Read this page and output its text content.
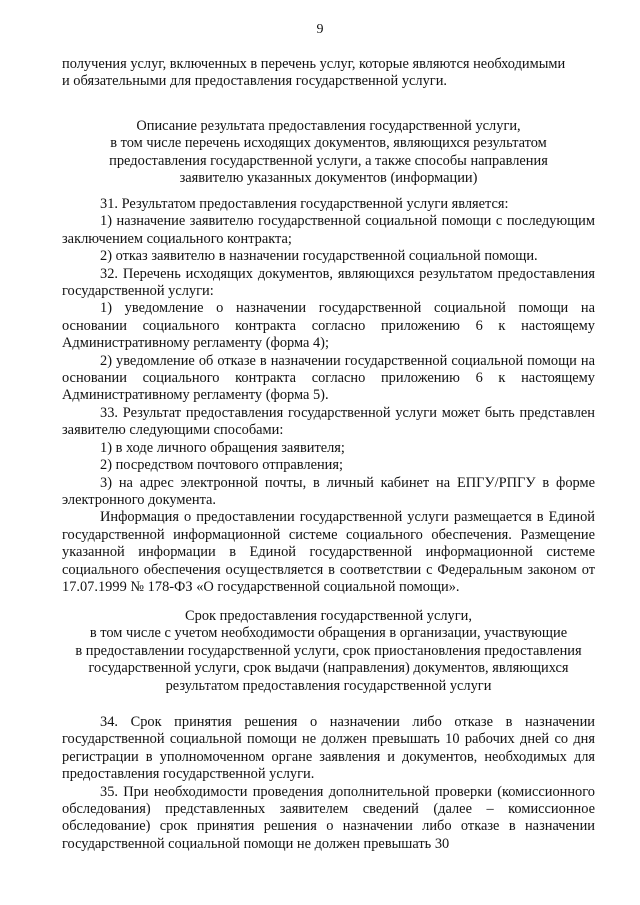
9
получения услуг, включенных в перечень услуг, которые являются необходимыми
и обязательными для предоставления государственной услуги.
Описание результата предоставления государственной услуги,
в том числе перечень исходящих документов, являющихся результатом
предоставления государственной услуги, а также способы направления
заявителю указанных документов (информации)
31. Результатом предоставления государственной услуги является:
1) назначение заявителю государственной социальной помощи с последующим заключением социального контракта;
2) отказ заявителю в назначении государственной социальной помощи.
32. Перечень исходящих документов, являющихся результатом предоставления государственной услуги:
1) уведомление о назначении государственной социальной помощи на основании социального контракта согласно приложению 6 к настоящему Административному регламенту (форма 4);
2) уведомление об отказе в назначении государственной социальной помощи на основании социального контракта согласно приложению 6 к настоящему Административному регламенту (форма 5).
33. Результат предоставления государственной услуги может быть представлен заявителю следующими способами:
1) в ходе личного обращения заявителя;
2) посредством почтового отправления;
3) на адрес электронной почты, в личный кабинет на ЕПГУ/РПГУ в форме электронного документа.
Информация о предоставлении государственной услуги размещается в Единой государственной информационной системе социального обеспечения. Размещение указанной информации в Единой государственной информационной системе социального обеспечения осуществляется в соответствии с Федеральным законом от 17.07.1999 № 178-ФЗ «О государственной социальной помощи».
Срок предоставления государственной услуги,
в том числе с учетом необходимости обращения в организации, участвующие
в предоставлении государственной услуги, срок приостановления предоставления
государственной услуги, срок выдачи (направления) документов, являющихся
результатом предоставления государственной услуги
34. Срок принятия решения о назначении либо отказе в назначении государственной социальной помощи не должен превышать 10 рабочих дней со дня регистрации в уполномоченном органе заявления и документов, необходимых для предоставления государственной услуги.
35. При необходимости проведения дополнительной проверки (комиссионного обследования) представленных заявителем сведений (далее – комиссионное обследование) срок принятия решения о назначении либо отказе в назначении государственной социальной помощи не должен превышать 30
